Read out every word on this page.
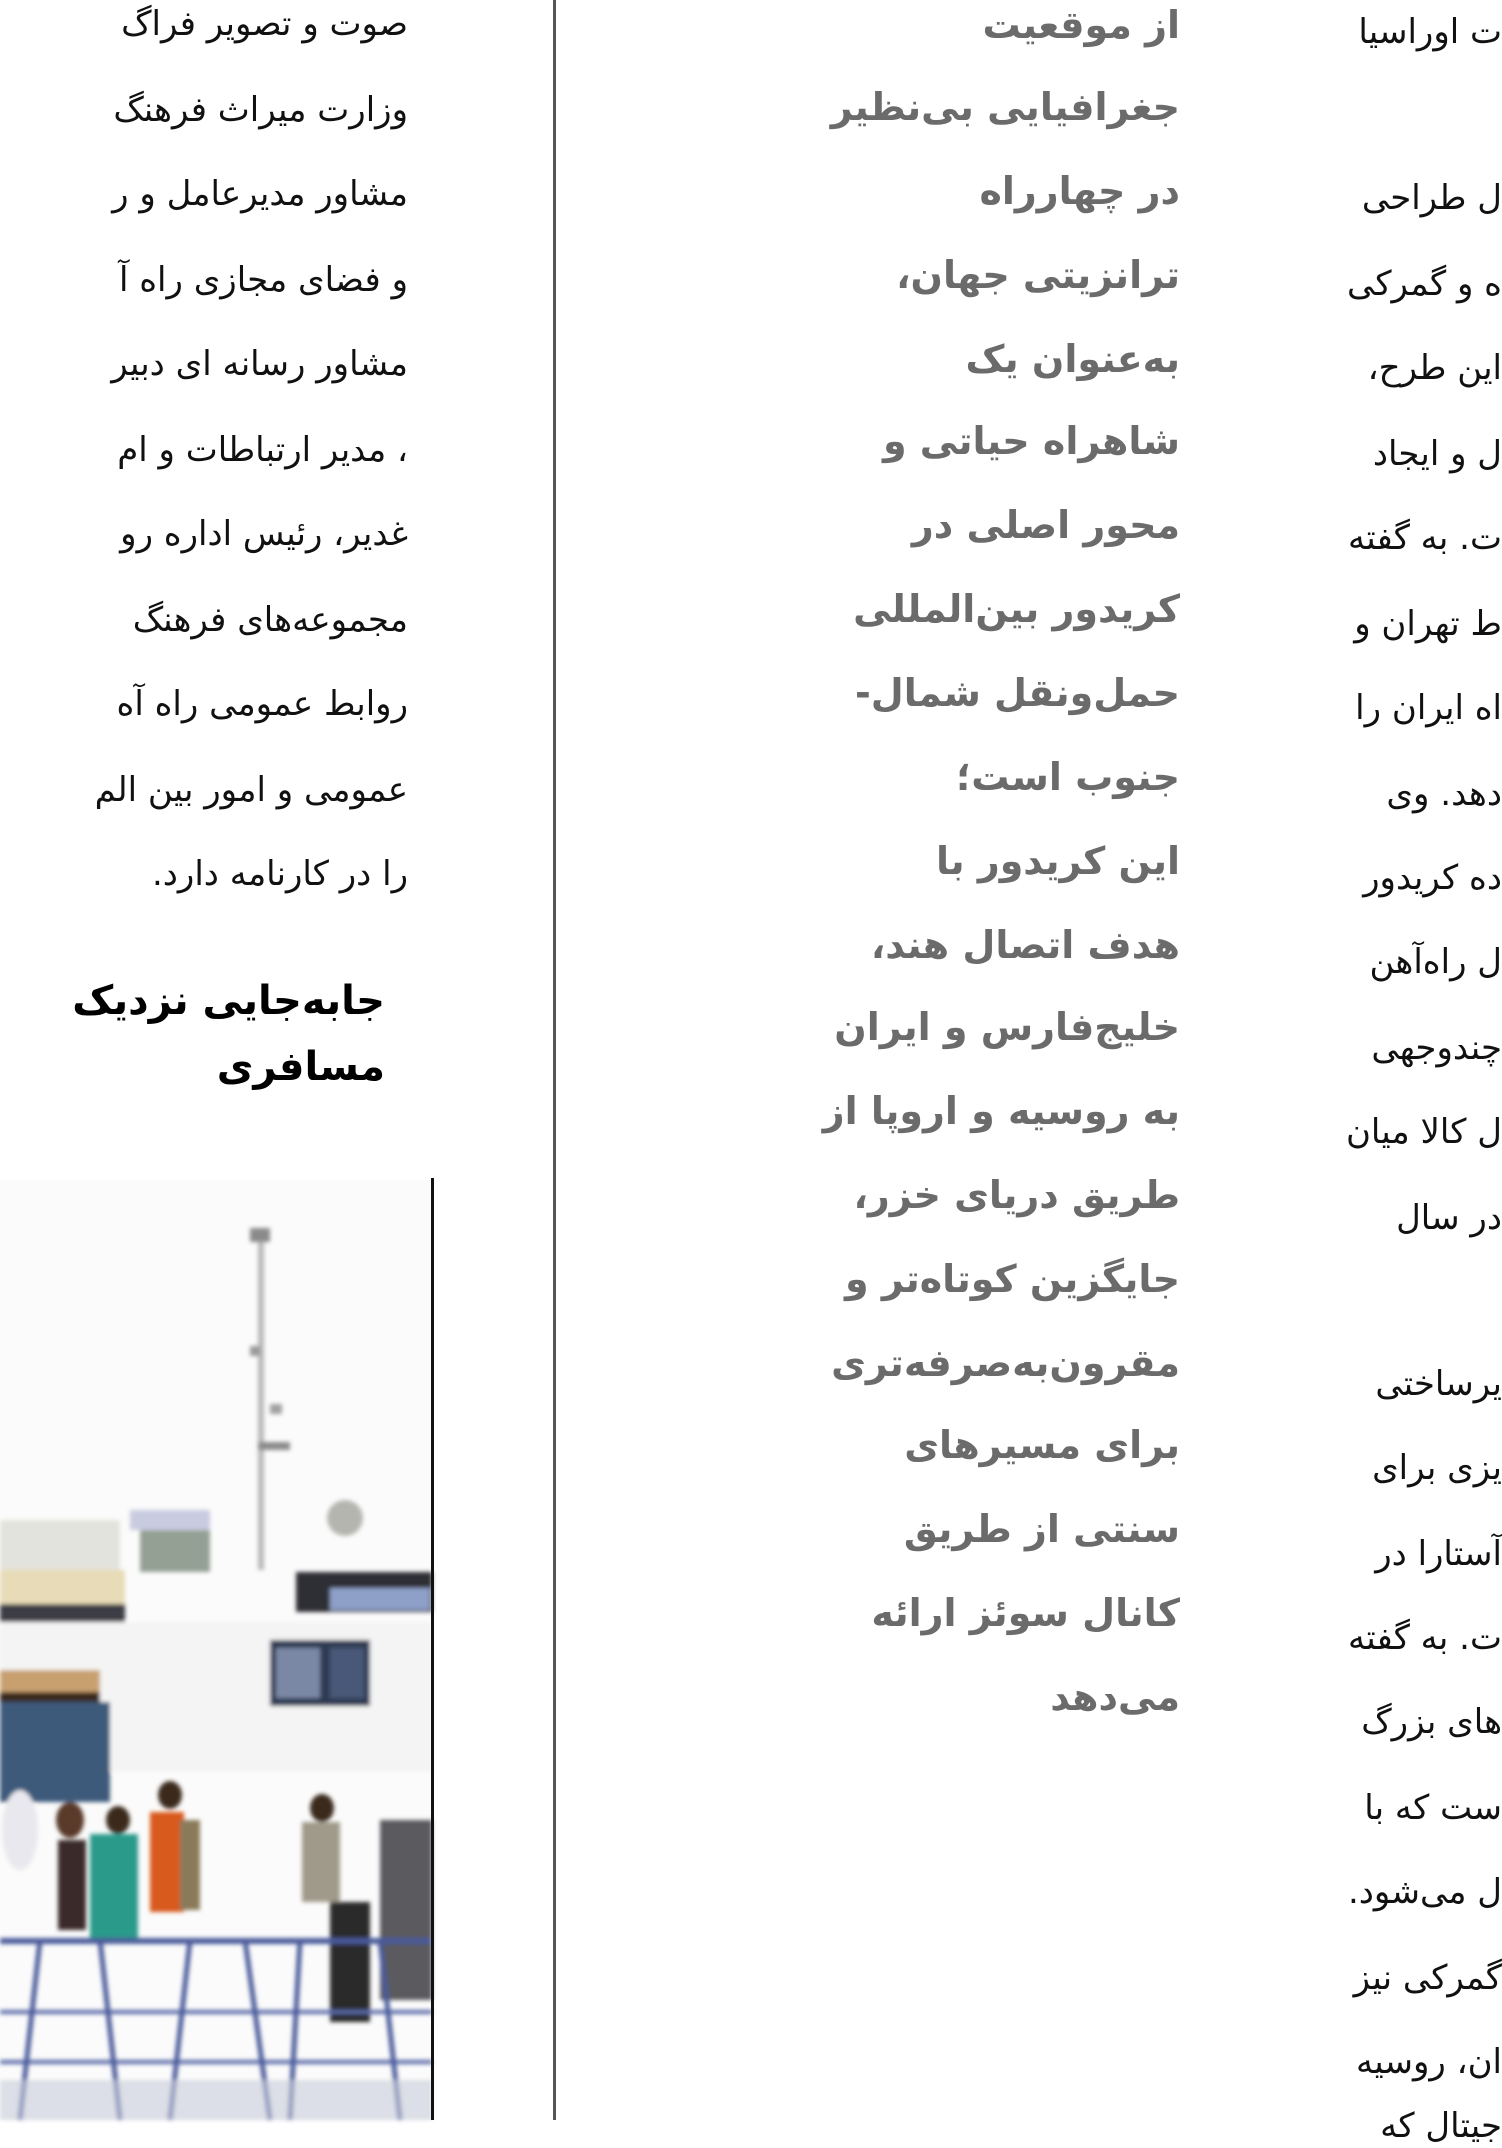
صوت و تصویر فراگ
وزارت میراث فرهنگ
مشاور مدیرعامل و ر
و فضای مجازی راه آ
مشاور رسانه ای دبیر
، مدیر ارتباطات و ام
غدیر، رئیس اداره رو
مجموعه‌های فرهنگ
روابط عمومی راه آه
عمومی و امور بین الم
را در کارنامه دارد.
جابه‌جایی نزدیک
مسافری
از موقعیت
جغرافیایی بی‌نظیر
در چهارراه
ترانزیتی جهان،
به‌عنوان یک
شاهراه حیاتی و
محور اصلی در
کریدور بین‌المللی
حمل‌ونقل شمال-
جنوب است؛
این کریدور با
هدف اتصال هند،
خلیج‌فارس و ایران
به روسیه و اروپا از
طریق دریای خزر،
جایگزین کوتاه‌تر و
مقرون‌به‌صرفه‌تری
برای مسیرهای
سنتی از طریق
کانال سوئز ارائه
می‌دهد
ت اوراسیا
ل طراحی
ه و گمرکی
این طرح،
ل و ایجاد
ت. به گفته
ط تهران و
اه ایران را
دهد. وی
ده کریدور
ل راه‌آهن
چندوجهی
ل کالا میان
در سال
یرساختی
یزی برای
آستارا در
ت. به گفته
های بزرگ
ست که با
ل می‌شود.
گمرکی نیز
ان، روسیه
جیتال که
